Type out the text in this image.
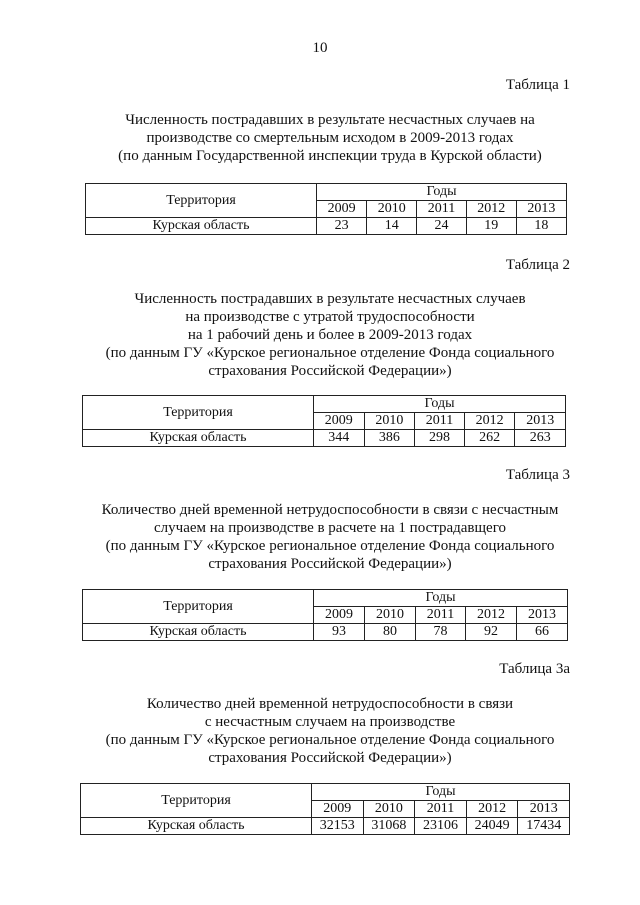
10
Таблица 1
Численность пострадавших в результате несчастных случаев на
производстве со смертельным исходом в 2009-2013 годах
(по данным Государственной инспекции труда в Курской области)
Территория	Годы				
	2009	2010	2011	2012	2013
Курская область	23	14	24	19	18
Таблица 2
Численность пострадавших в результате несчастных случаев
на производстве с утратой трудоспособности
на 1 рабочий день и более в 2009-2013 годах
(по данным ГУ «Курское региональное отделение Фонда социального
страхования Российской Федерации»)
Территория	Годы				
	2009	2010	2011	2012	2013
Курская область	344	386	298	262	263
Таблица 3
Количество дней временной нетрудоспособности в связи с несчастным
случаем на производстве в расчете на 1 пострадавщего
(по данным ГУ «Курское региональное отделение Фонда социального
страхования Российской Федерации»)
Территория	Годы				
	2009	2010	2011	2012	2013
Курская область	93	80	78	92	66
Таблица 3а
Количество дней временной нетрудоспособности в связи
с несчастным случаем на производстве
(по данным ГУ «Курское региональное отделение Фонда социального
страхования Российской Федерации»)
Территория	Годы				
	2009	2010	2011	2012	2013
Курская область	32153	31068	23106	24049	17434
